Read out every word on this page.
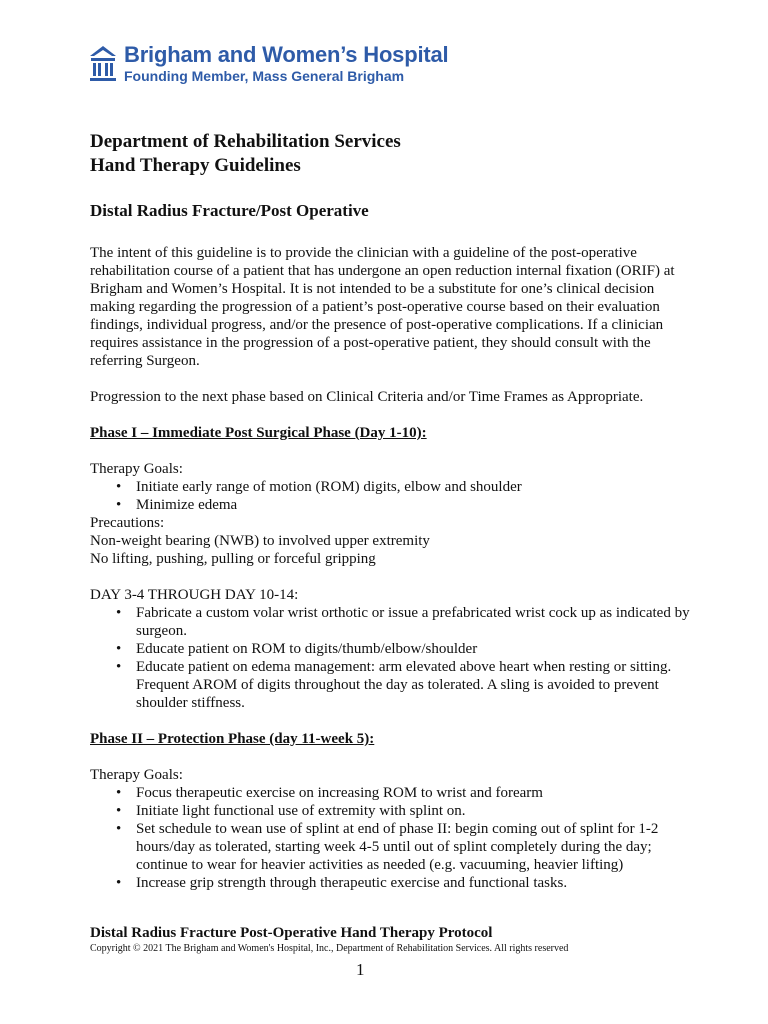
Brigham and Women’s Hospital
Founding Member, Mass General Brigham
Department of Rehabilitation Services
Hand Therapy Guidelines
Distal Radius Fracture/Post Operative

The intent of this guideline is to provide the clinician with a guideline of the post-operative rehabilitation course of a patient that has undergone an open reduction internal fixation (ORIF) at Brigham and Women’s Hospital. It is not intended to be a substitute for one’s clinical decision making regarding the progression of a patient’s post-operative course based on their evaluation findings, individual progress, and/or the presence of post-operative complications. If a clinician requires assistance in the progression of a post-operative patient, they should consult with the referring Surgeon.

Progression to the next phase based on Clinical Criteria and/or Time Frames as Appropriate.

Phase I – Immediate Post Surgical Phase (Day 1-10):
Therapy Goals:
• Initiate early range of motion (ROM) digits, elbow and shoulder
• Minimize edema
Precautions:
Non-weight bearing (NWB) to involved upper extremity
No lifting, pushing, pulling or forceful gripping
DAY 3-4 THROUGH DAY 10-14:
• Fabricate a custom volar wrist orthotic or issue a prefabricated wrist cock up as indicated by surgeon.
• Educate patient on ROM to digits/thumb/elbow/shoulder
• Educate patient on edema management: arm elevated above heart when resting or sitting. Frequent AROM of digits throughout the day as tolerated. A sling is avoided to prevent shoulder stiffness.
Phase II – Protection Phase (day 11-week 5):
Therapy Goals:
• Focus therapeutic exercise on increasing ROM to wrist and forearm
• Initiate light functional use of extremity with splint on.
• Set schedule to wean use of splint at end of phase II: begin coming out of splint for 1-2 hours/day as tolerated, starting week 4-5 until out of splint completely during the day; continue to wear for heavier activities as needed (e.g. vacuuming, heavier lifting)
• Increase grip strength through therapeutic exercise and functional tasks.
Distal Radius Fracture Post-Operative Hand Therapy Protocol
Copyright © 2021 The Brigham and Women's Hospital, Inc., Department of Rehabilitation Services. All rights reserved
1
